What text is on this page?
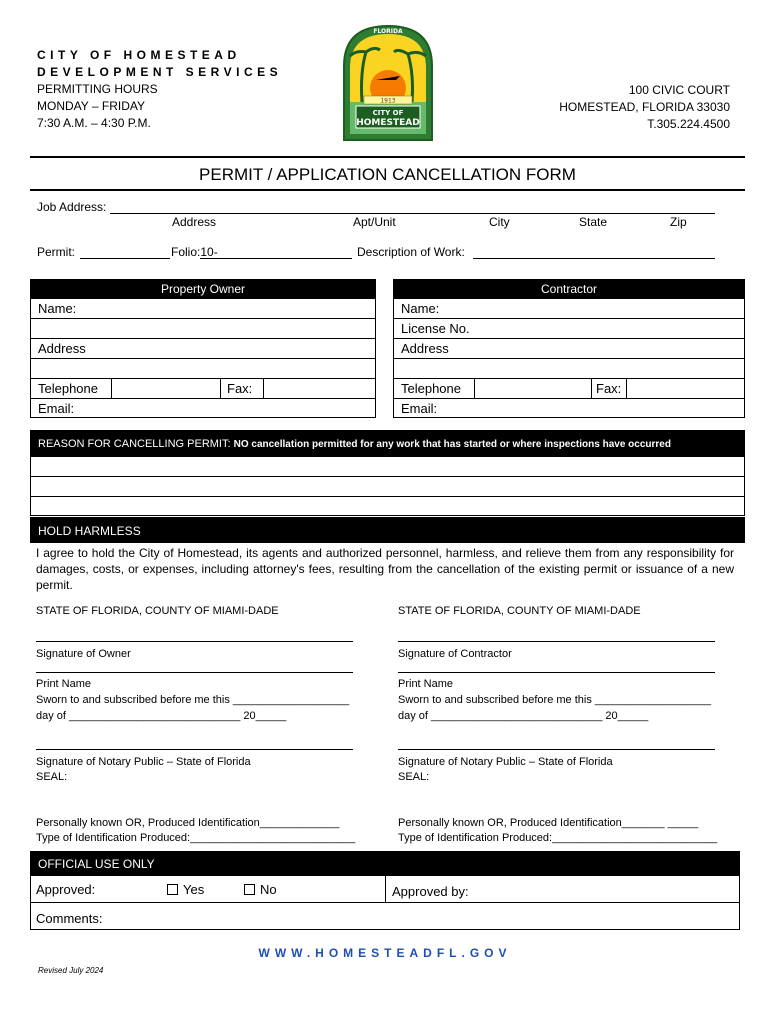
CITY OF HOMESTEAD
DEVELOPMENT SERVICES
PERMITTING HOURS
MONDAY – FRIDAY
7:30 A.M. – 4:30 P.M.
FLORIDA
1913
CITY OF
HOMESTEAD
100 CIVIC COURT
HOMESTEAD, FLORIDA 33030
T.305.224.4500
PERMIT / APPLICATION CANCELLATION FORM
Job Address:
Address	Apt/Unit	City	State	Zip
Permit:	Folio:10-	Description of Work:
Property Owner
Name:
Address
Telephone	Fax:
Email:
Contractor
Name:
License No.
Address
Telephone	Fax:
Email:
REASON FOR CANCELLING PERMIT: NO cancellation permitted for any work that has started or where inspections have occurred
HOLD HARMLESS
I agree to hold the City of Homestead, its agents and authorized personnel, harmless, and relieve them from any responsibility for damages, costs, or expenses, including attorney's fees, resulting from the cancellation of the existing permit or issuance of a new permit.
STATE OF FLORIDA, COUNTY OF MIAMI-DADE
Signature of Owner
Print Name
Sworn to and subscribed before me this ___________________
day of ____________________________ 20_____
Signature of Notary Public – State of Florida
SEAL:
Personally known OR, Produced Identification_____________
Type of Identification Produced:___________________________
STATE OF FLORIDA, COUNTY OF MIAMI-DADE
Signature of Contractor
Print Name
Sworn to and subscribed before me this ___________________
day of ____________________________ 20_____
Signature of Notary Public – State of Florida
SEAL:
Personally known OR, Produced Identification_______ _____
Type of Identification Produced:___________________________
OFFICIAL USE ONLY
Approved:	Yes	No	Approved by:
Comments:
WWW.HOMESTEADFL.GOV
Revised July 2024
